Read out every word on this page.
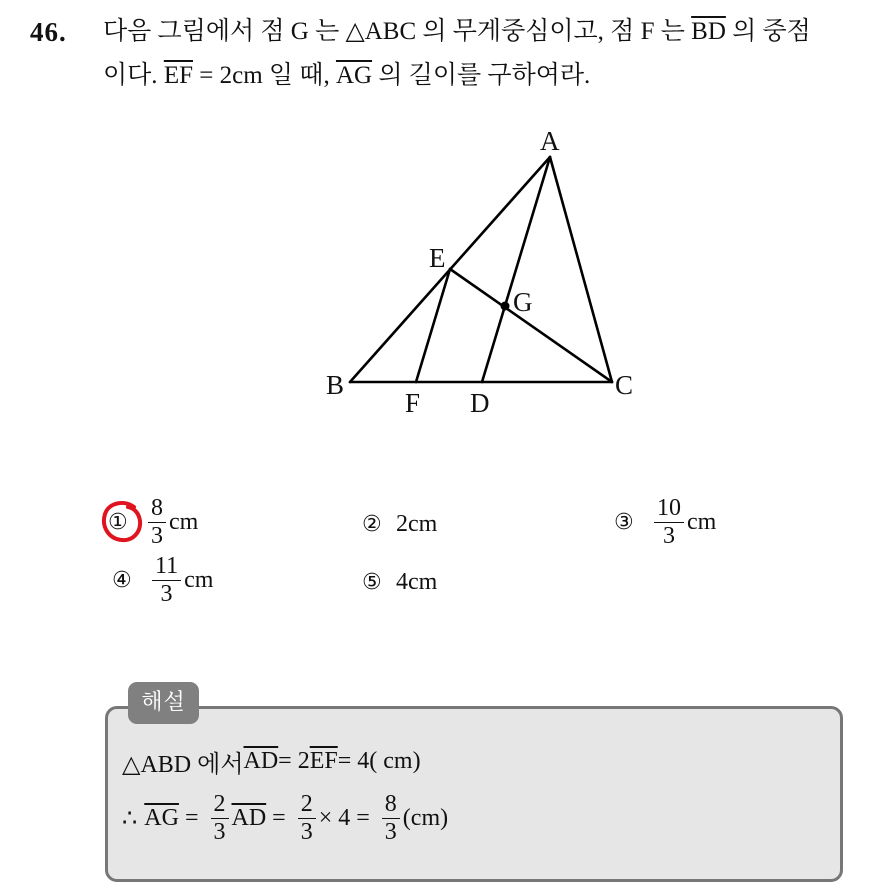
46. 다음 그림에서 점 G 는 △ABC 의 무게중심이고, 점 F 는 $\overline{BD}$ 의 중점
이다. $\overline{EF} = 2cm$ 일 때, $\overline{AG}$ 의 길이를 구하여라.
A
B	C
D
E
F
G
① $\frac{8}{3}$ cm	② 2cm	③ $\frac{10}{3}$ cm
④ $\frac{11}{3}$ cm	⑤ 4cm
해설
△ABD 에서 $\overline{AD} = 2$ $\overline{EF} = 4$( cm)
∴ $\overline{AG} = \frac{2}{3} \overline{AD} = \frac{2}{3} \times 4 = \frac{8}{3} (cm)$
